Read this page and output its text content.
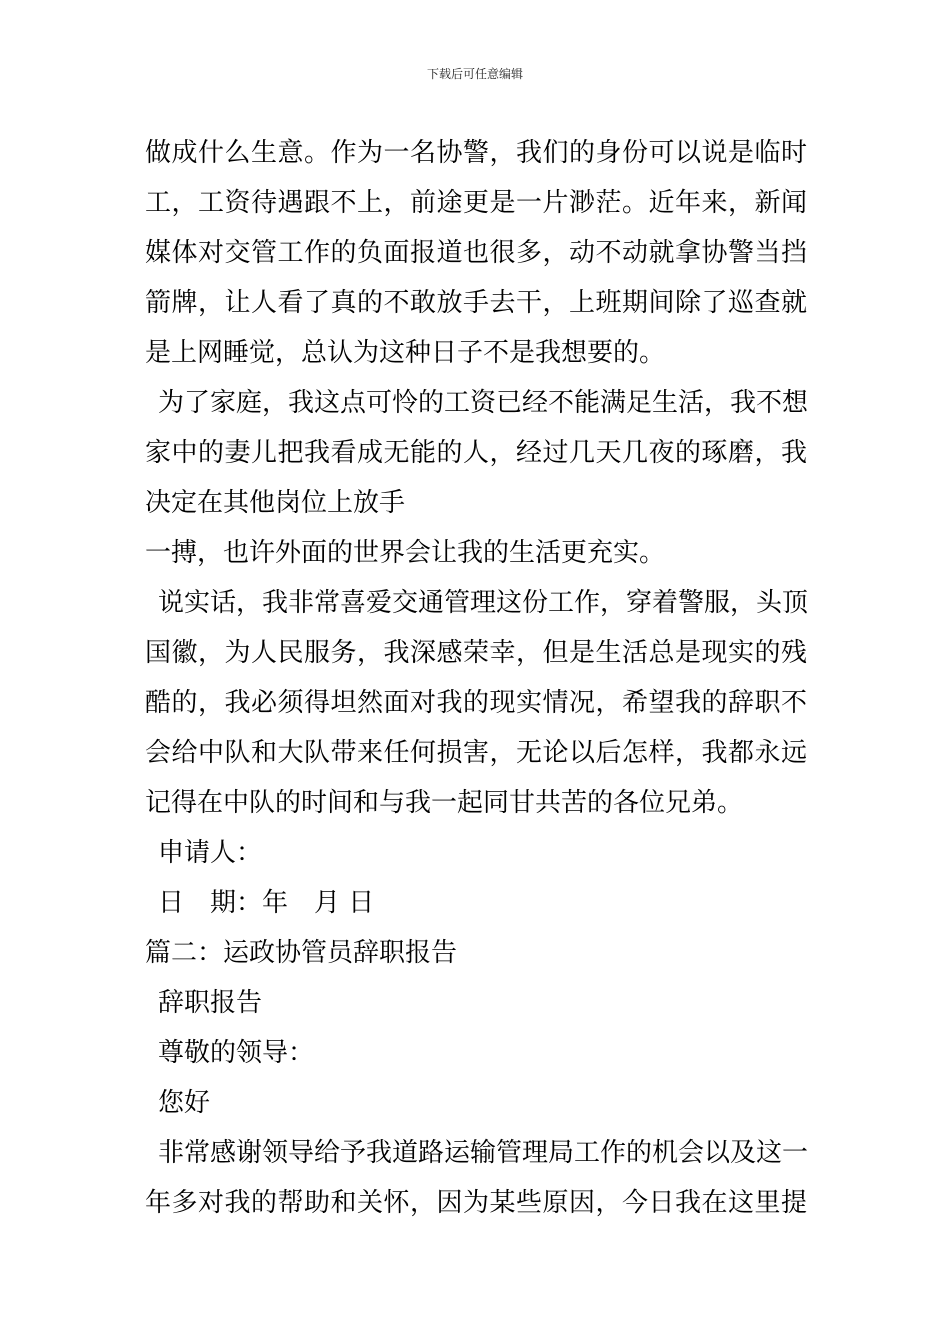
下载后可任意编辑
做成什么生意。作为一名协警，我们的身份可以说是临时
工，工资待遇跟不上，前途更是一片渺茫。近年来，新闻
媒体对交管工作的负面报道也很多，动不动就拿协警当挡
箭牌，让人看了真的不敢放手去干，上班期间除了巡查就
是上网睡觉，总认为这种日子不是我想要的。
为了家庭，我这点可怜的工资已经不能满足生活，我不想
家中的妻儿把我看成无能的人，经过几天几夜的琢磨，我
决定在其他岗位上放手
一搏，也许外面的世界会让我的生活更充实。
说实话，我非常喜爱交通管理这份工作，穿着警服，头顶
国徽，为人民服务，我深感荣幸，但是生活总是现实的残
酷的，我必须得坦然面对我的现实情况，希望我的辞职不
会给中队和大队带来任何损害，无论以后怎样，我都永远
记得在中队的时间和与我一起同甘共苦的各位兄弟。
申请人：
日　期：年　月 日
篇二：运政协管员辞职报告
辞职报告
尊敬的领导：
您好
非常感谢领导给予我道路运输管理局工作的机会以及这一
年多对我的帮助和关怀，因为某些原因，今日我在这里提
